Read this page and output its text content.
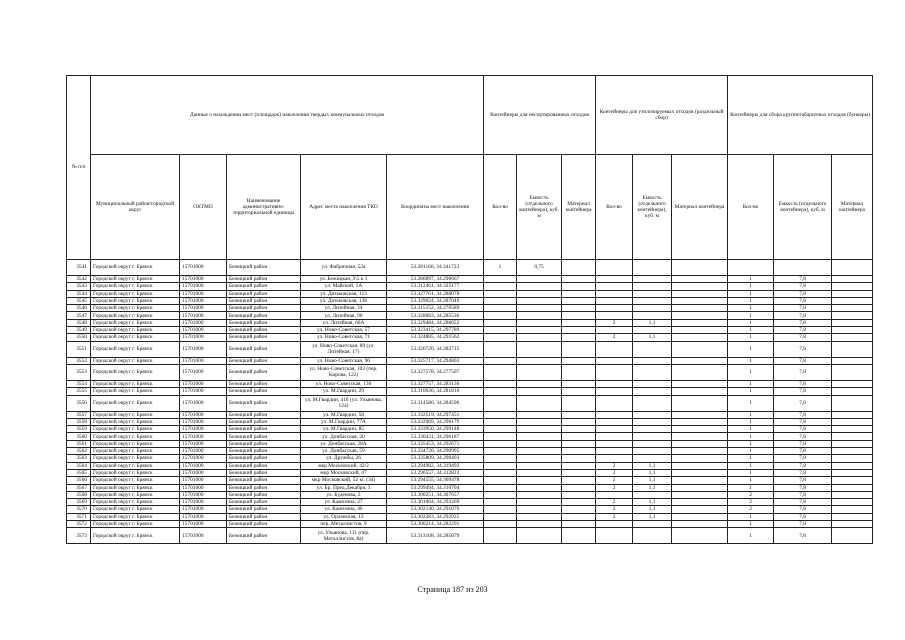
№ п/п	Данные о нахождении мест (площадок) накопления твердых коммунальных отходов					Контейнеры для несортированных отходов			Контейнеры для утилизируемых отходов (раздельный сбор)			Контейнеры для сбора крупногабаритных отходов (бункеры)		
	Муниципальный район/городской округ	ОКТМО	Наименование административно-территориальной единицы	Адрес места накопления ТКО	Координаты мест накопления	Кол-во	Емкость (отдельного контейнера), куб. м	Материал контейнера	Кол-во	Емкость (отдельного контейнера), куб. м	Материал контейнера	Кол-во	Емкость (отдельного контейнера), куб. м	Материал контейнера
3541	Городской округ г. Брянск	15701000	Бежицкий район	ул. Фабричная, 52а	53.281166, 34.341723	1	0,75							
3542	Городской округ г. Брянск	15701000	Бежицкий район	ул. Бежицкая, 3\5 к 1	53.286897, 34.296667							1	7,8	
3543	Городской округ г. Брянск	15701000	Бежицкий район	ул. Майской, 1А	53.312461, 34.325177							1	7,8	
3544	Городской округ г. Брянск	15701000	Бежицкий район	ул. Дятьковская, 113	53.327761, 34.288078							1	7,8	
3545	Городской округ г. Брянск	15701000	Бежицкий район	ул. Дятьковская, 138	53.329024, 34.287049							1	7,8	
3546	Городской округ г. Брянск	15701000	Бежицкий район	ул. Литейная, 34	53.315152, 34.276589							1	7,8	
3547	Городской округ г. Брянск	15701000	Бежицкий район	ул. Литейная, 90	53.328083, 34.285536							1	7,8	
3548	Городской округ г. Брянск	15701000	Бежицкий район	ул. Литейная, 60А	53.329484, 34.286652				2	1,1		1	7,8	
3549	Городской округ г. Брянск	15701000	Бежицкий район	ул. Ново-Советская, 57	53.323415, 34.297789							1	7,8	
3550	Городской округ г. Брянск	15701000	Бежицкий район	ул. Ново-Советская, 71	53.324885, 34.291562				2	1,1		1	7,8	
3551	Городской округ г. Брянск	15701000	Бежицкий район	ул. Ново-Советская, 89 (ул. Литейная, 17)	53.326726, 34.282715							1	7,8	
3552	Городской округ г. Брянск	15701000	Бежицкий район	ул. Ново-Советская, 96	53.325717, 34.294803							1	7,8	
3553	Городской округ г. Брянск	15701000	Бежицкий район	ул. Ново-Советская, 103 (пер. Кирова, 122)	53.327578, 34.277507							1	7,8	
3554	Городской округ г. Брянск	15701000	Бежицкий район	ул. Ново-Советская, 130	53.327757, 34.283136							1	7,8	
3555	Городской округ г. Брянск	15701000	Бежицкий район	ул. М.Гвардии, 29	53.310636, 34.281810							1	7,8	
3556	Городской округ г. Брянск	15701000	Бежицкий район	ул. М.Гвардии, 41б (ул. Ульянова, 124)	53.314586, 34.284596							1	7,8	
3557	Городской округ г. Брянск	15701000	Бежицкий район	ул. М.Гвардии, 58	53.332519, 34.297451							1	7,8	
3558	Городской округ г. Брянск	15701000	Бежицкий район	ул. М.Гвардии, 77А	53.332069, 34.296179							1	7,8	
3559	Городской округ г. Брянск	15701000	Бежицкий район	ул. М.Гвардии, 85	53.333950, 34.299148							1	7,8	
3560	Городской округ г. Брянск	15701000	Бежицкий район	ул. Донбасская, 20	53.336431, 34.296187							1	7,8	
3561	Городской округ г. Брянск	15701000	Бежицкий район	ул. Донбасская, 28А	53.335453, 34.292671							1	7,8	
3562	Городской округ г. Брянск	15701000	Бежицкий район	ул. Донбасская, 59	53.334726, 34.290995							1	7,8	
3563	Городской округ г. Брянск	15701000	Бежицкий район	ул. Дружбы, 26	53.335809, 34.296403							1	7,8	
3564	Городской округ г. Брянск	15701000	Бежицкий район	мкр Московский, 42/2	53.294982, 34.319493				2	1,1		1	7,8	
3565	Городской округ г. Брянск	15701000	Бежицкий район	мкр Московский, 47	53.296557, 34.312823				2	1,1		1	7,8	
3566	Городской округ г. Брянск	15701000	Бежицкий район	мкр Московский, 52 кі. (34)	53.294555, 34.309478				2	1,1		1	7,8	
3567	Городской округ г. Брянск	15701000	Бежицкий район	ул. Бр. Пред.Декабря, 3	53.299494, 34.310704				2	1,1		1	7,8	
3568	Городской округ г. Брянск	15701000	Бежицкий район	ул. Буденова, 2	53.300251, 34.307657							2	7,8	
3569	Городской округ г. Брянск	15701000	Бежицкий район	ул. Камозина, 27	53.301064, 34.293269				2	1,1		2	7,8	
3570	Городской округ г. Брянск	15701000	Бежицкий район	ул. Камозина, 46	53.302140, 34.291070				2	1,1		2	7,8	
3571	Городской округ г. Брянск	15701000	Бежицкий район	ул. Орловская, 13	53.302383, 34.292925				2	1,1		1	7,8	
3572	Городской округ г. Брянск	15701000	Бежицкий район	пер. Металлистов, 9	53.306214, 34.282291							1	7,8	
3573	Городской округ г. Брянск	15701000	Бежицкий район	ул. Ульянова, 111 (пер. Металлистов, 8а)	53.313108, 34.285879							1	7,8	
Страница 187 из 203
